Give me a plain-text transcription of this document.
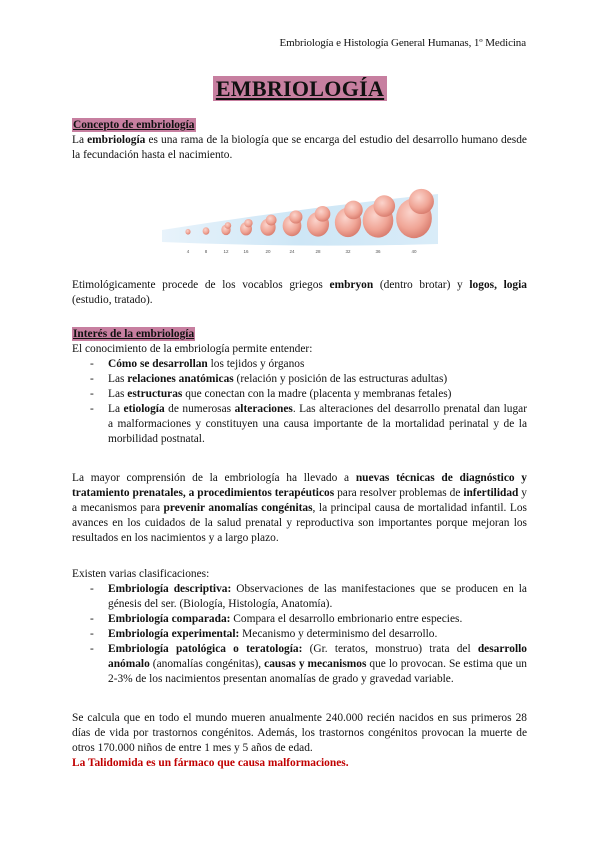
Embriología e Histología General Humanas, 1º Medicina
EMBRIOLOGÍA
Concepto de embriología

La embriología es una rama de la biología que se encarga del estudio del desarrollo humano desde la fecundación hasta el nacimiento.

4	8	12	16	20	24	28	32	36	40

Etimológicamente procede de los vocablos griegos embryon (dentro brotar) y logos, logia (estudio, tratado).

Interés de la embriología

El conocimiento de la embriología permite entender:

- Cómo se desarrollan los tejidos y órganos
- Las relaciones anatómicas (relación y posición de las estructuras adultas)
- Las estructuras que conectan con la madre (placenta y membranas fetales)
- La etiología de numerosas alteraciones. Las alteraciones del desarrollo prenatal dan lugar a malformaciones y constituyen una causa importante de la mortalidad perinatal y de la morbilidad postnatal.

La mayor comprensión de la embriología ha llevado a nuevas técnicas de diagnóstico y tratamiento prenatales, a procedimientos terapéuticos para resolver problemas de infertilidad y a mecanismos para prevenir anomalías congénitas, la principal causa de mortalidad infantil. Los avances en los cuidados de la salud prenatal y reproductiva son importantes porque mejoran los resultados en los nacimientos y a largo plazo.

Existen varias clasificaciones:

- Embriología descriptiva: Observaciones de las manifestaciones que se producen en la génesis del ser. (Biología, Histología, Anatomía).
- Embriología comparada: Compara el desarrollo embrionario entre especies.
- Embriología experimental: Mecanismo y determinismo del desarrollo.
- Embriología patológica o teratología: (Gr. teratos, monstruo) trata del desarrollo anómalo (anomalías congénitas), causas y mecanismos que lo provocan. Se estima que un 2-3% de los nacimientos presentan anomalías de grado y gravedad variable.

Se calcula que en todo el mundo mueren anualmente 240.000 recién nacidos en sus primeros 28 días de vida por trastornos congénitos. Además, los trastornos congénitos provocan la muerte de otros 170.000 niños de entre 1 mes y 5 años de edad.

La Talidomida es un fármaco que causa malformaciones.
